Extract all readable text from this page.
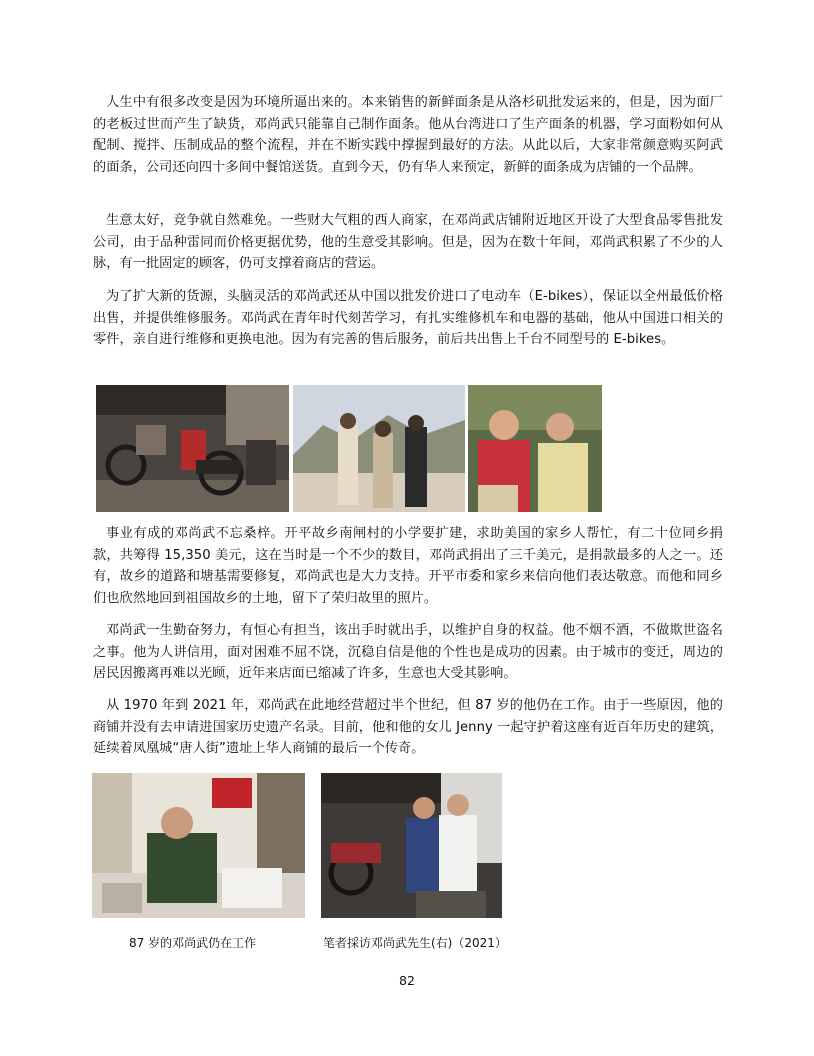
人生中有很多改变是因为环境所逼出来的。本来销售的新鲜面条是从洛杉矶批发运来的，但是，因为面厂的老板过世而产生了缺货，邓尚武只能靠自己制作面条。他从台湾进口了生产面条的机器，学习面粉如何从配制、搅拌、压制成品的整个流程，并在不断实践中撑握到最好的方法。从此以后，大家非常颜意购买阿武的面条，公司还向四十多间中餐馆送货。直到今天，仍有华人来预定，新鲜的面条成为店铺的一个品牌。

生意太好，竞争就自然难免。一些财大气粗的西人商家，在邓尚武店铺附近地区开设了大型食品零售批发公司，由于品种雷同而价格更据优势，他的生意受其影响。但是，因为在数十年间，邓尚武积累了不少的人脉，有一批固定的顾客，仍可支撑着商店的营运。

为了扩大新的货源，头脑灵活的邓尚武还从中国以批发价进口了电动车（E-bikes），保证以全州最低价格出售，并提供维修服务。邓尚武在青年时代刻苦学习，有扎实维修机车和电器的基础，他从中国进口相关的零件，亲自进行维修和更换电池。因为有完善的售后服务，前后共出售上千台不同型号的 E-bikes。

事业有成的邓尚武不忘桑梓。开平故乡南闸村的小学要扩建，求助美国的家乡人帮忙，有二十位同乡捐款，共筹得 15,350 美元，这在当时是一个不少的数目，邓尚武捐出了三千美元，是捐款最多的人之一。还有，故乡的道路和塘基需要修复，邓尚武也是大力支持。开平市委和家乡来信向他们表达敬意。而他和同乡们也欣然地回到祖国故乡的土地，留下了荣归故里的照片。

邓尚武一生勤奋努力，有恒心有担当，该出手时就出手，以维护自身的权益。他不烟不酒，不做欺世盗名之事。他为人讲信用，面对困难不屈不饶，沉稳自信是他的个性也是成功的因素。由于城市的变迁，周边的居民因搬离再难以光顾，近年来店面已缩减了许多，生意也大受其影响。

从 1970 年到 2021 年，邓尚武在此地经营超过半个世纪，但 87 岁的他仍在工作。由于一些原因，他的商铺并没有去申请进国家历史遗产名录。目前，他和他的女儿 Jenny 一起守护着这座有近百年历史的建筑，延续着凤凰城“唐人街”遗址上华人商铺的最后一个传奇。

87 岁的邓尚武仍在工作	笔者採访邓尚武先生(右)（2021）
82
